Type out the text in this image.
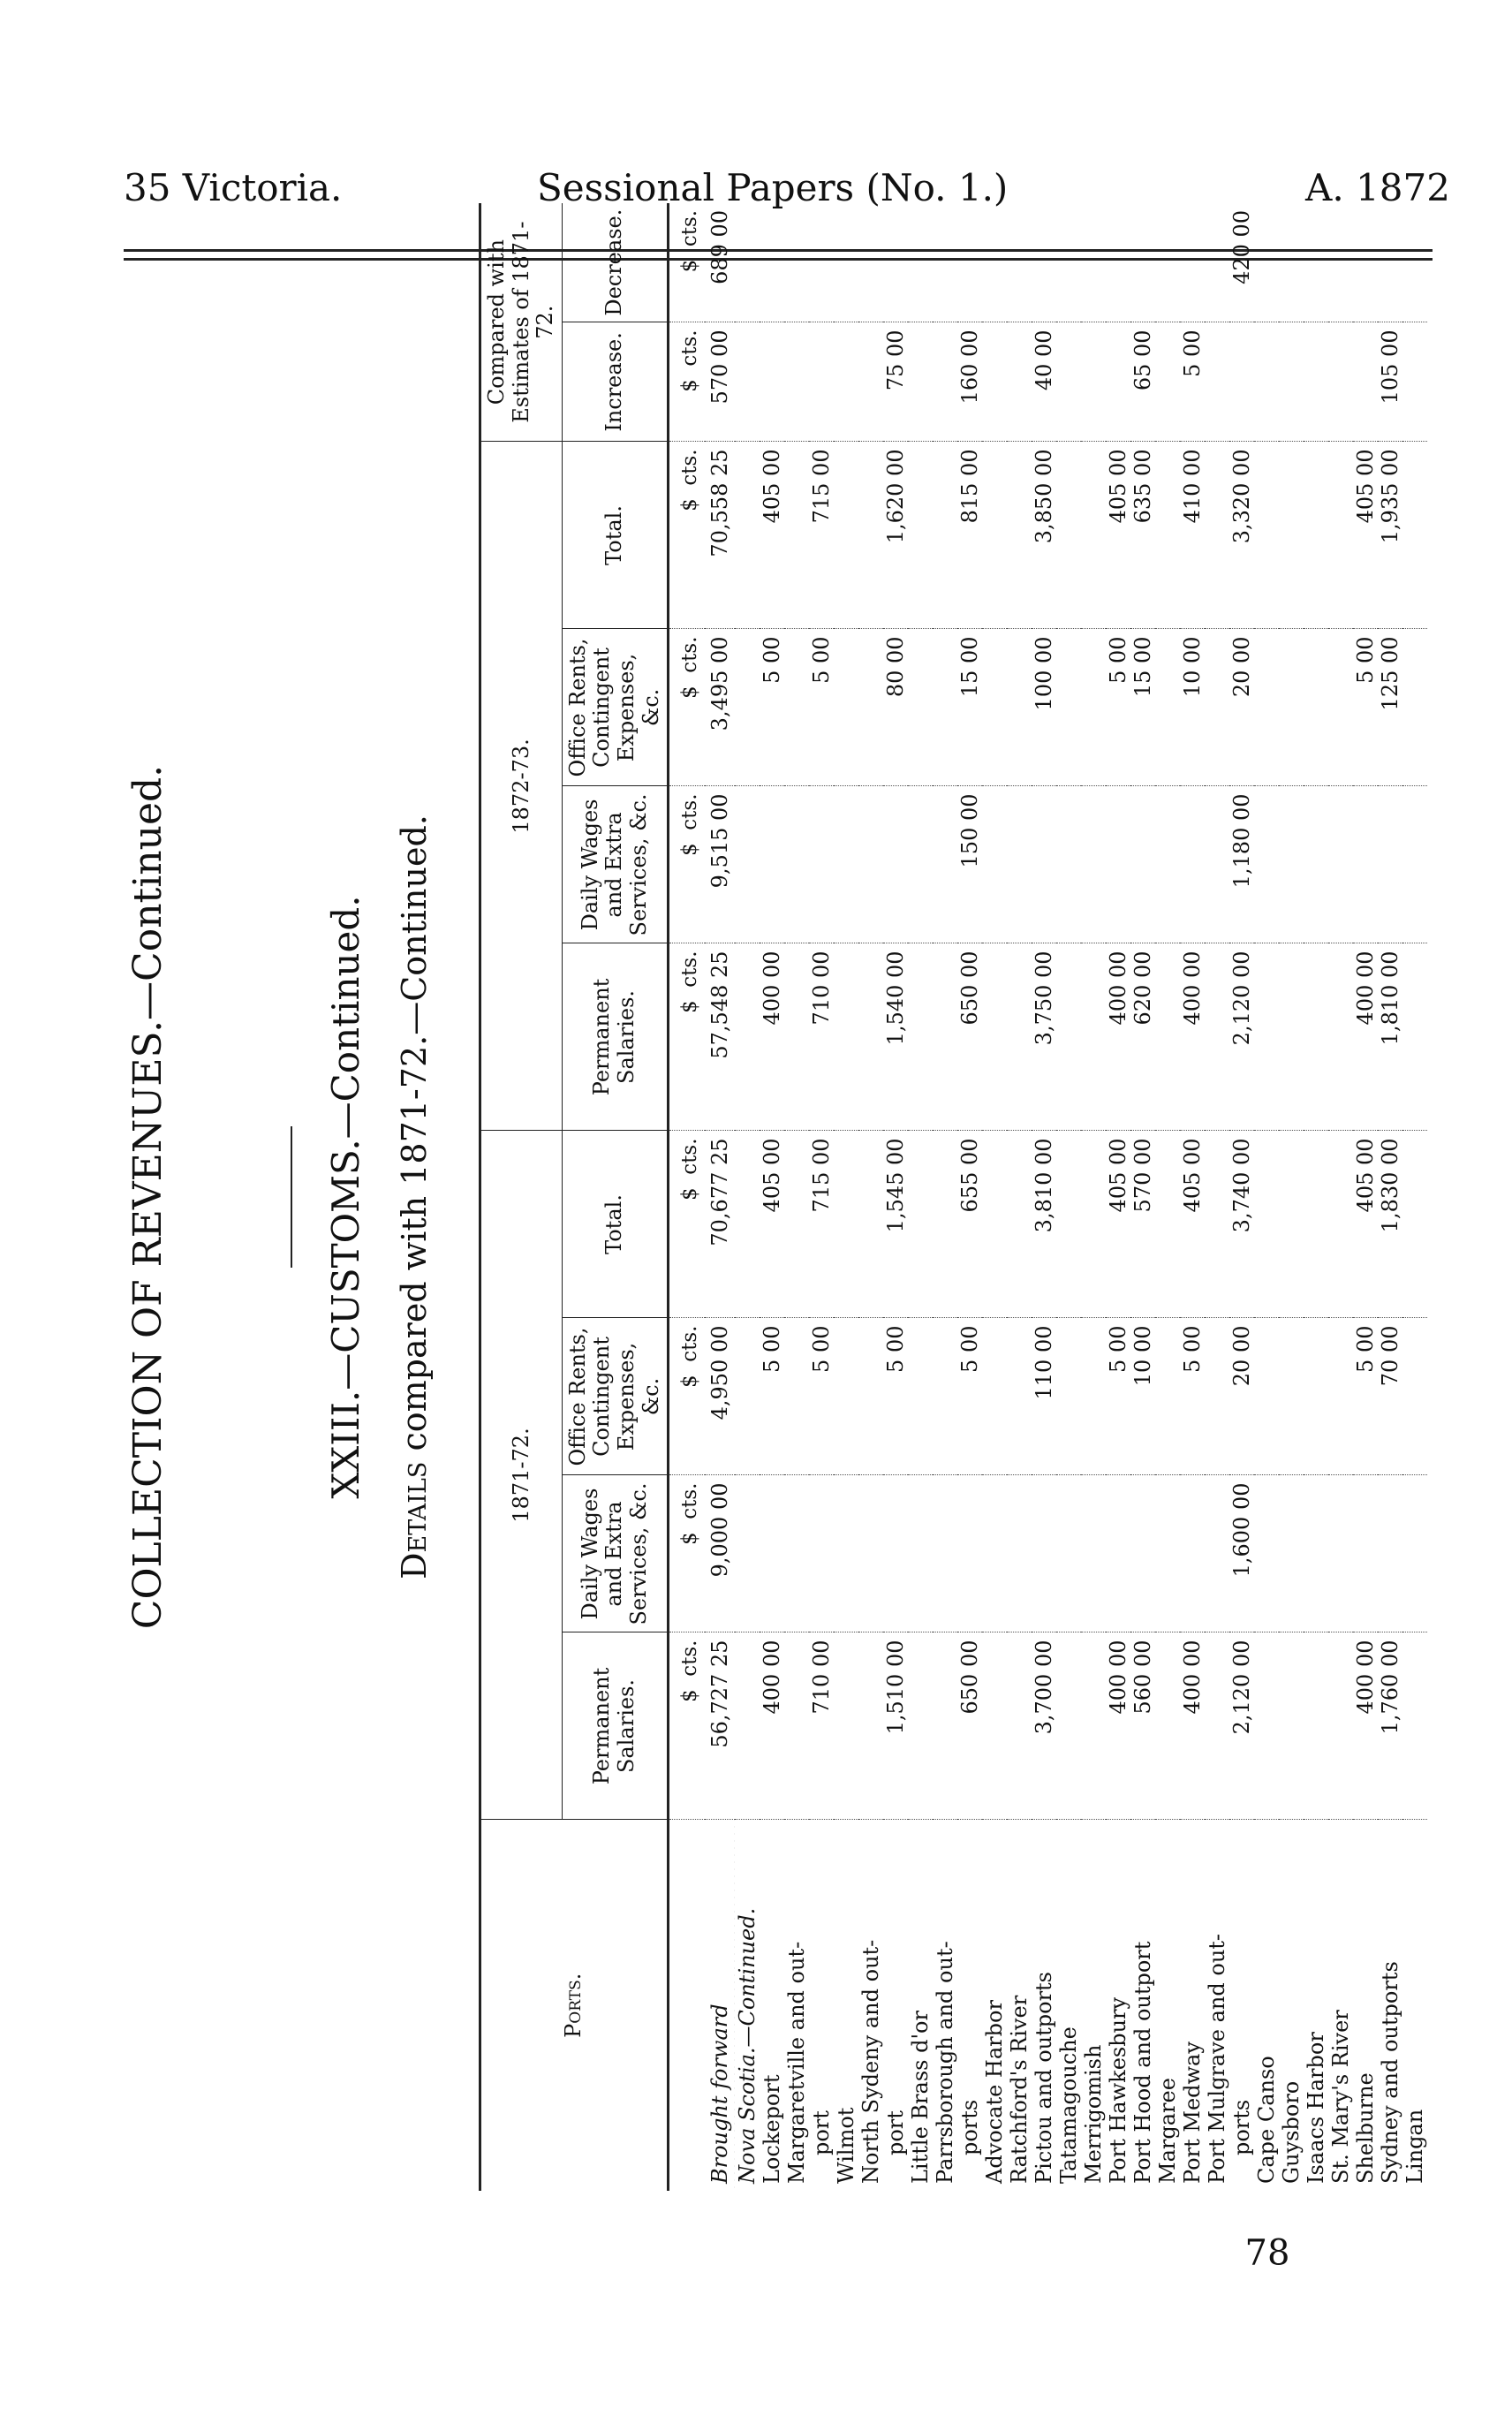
35 Victoria.	Sessional Papers (No. 1.)	A. 1872
COLLECTION OF REVENUES.—Continued.	XXIII.—CUSTOMS.—Continued.
Details compared with 1871-72.—Continued.
Ports.	1871-72.				1872-73.				Compared with Estimates of 1871-72.	
	Permanent Salaries.	Daily Wages and Extra Services, &c.	Office Rents, Contingent Expenses, &c.	Total.	Permanent Salaries.	Daily Wages and Extra Services, &c.	Office Rents, Contingent Expenses, &c.	Total.	Increase.	Decrease.
	$  cts.	$  cts.	$  cts.	$  cts.	$  cts.	$  cts.	$  cts.	$  cts.	$  cts.	$  cts.
Brought forward	56,727 25	9,000 00	4,950 00	70,677 25	57,548 25	9,515 00	3,495 00	70,558 25	570 00	689 00
Nova Scotia.—Continued.										
Lockeport	400 00		5 00	405 00	400 00		5 00	405 00		
Margaretville and out-										
port	710 00		5 00	715 00	710 00		5 00	715 00		
Wilmot										
North Sydeny and out-										
port	1,510 00		5 00	1,545 00	1,540 00		80 00	1,620 00	75 00	
Little Brass d'or										
Parrsborough and out-										
ports	650 00		5 00	655 00	650 00	150 00	15 00	815 00	160 00	
Advocate Harbor										
Ratchford's River										
Pictou and outports	3,700 00		110 00	3,810 00	3,750 00		100 00	3,850 00	40 00	
Tatamagouche										
Merrigomish										
Port Hawkesbury	400 00		5 00	405 00	400 00		5 00	405 00		
Port Hood and outport	560 00		10 00	570 00	620 00		15 00	635 00	65 00	
Margaree										
Port Medway	400 00		5 00	405 00	400 00		10 00	410 00	5 00	
Port Mulgrave and out-										
ports	2,120 00	1,600 00	20 00	3,740 00	2,120 00	1,180 00	20 00	3,320 00		420 00
Cape Canso										
Guysboro										
Isaacs Harbor										
St. Mary's River										
Shelburne	400 00		5 00	405 00	400 00		5 00	405 00		
Sydney and outports	1,760 00		70 00	1,830 00	1,810 00		125 00	1,935 00	105 00	
Lingan										
78
